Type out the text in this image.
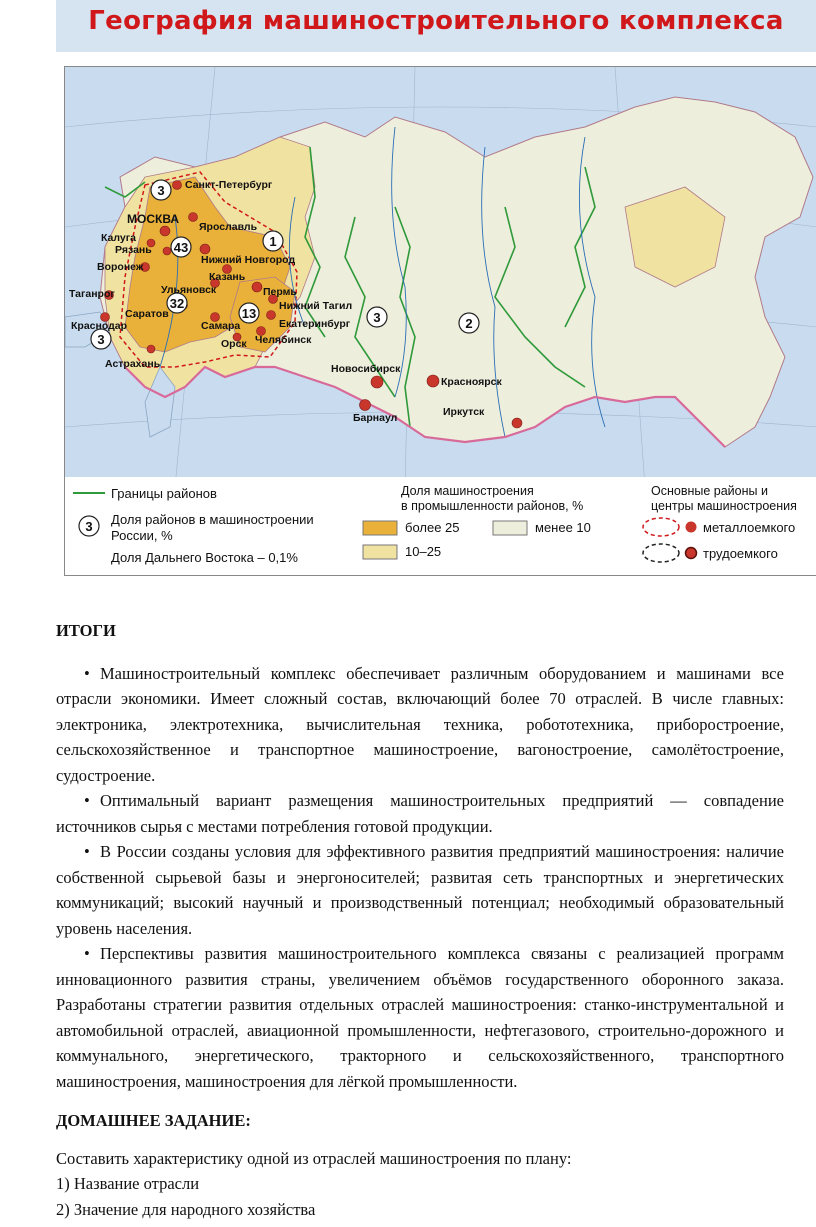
География машиностроительного комплекса
3
43
32
13
1
3
3	2
Санкт-Петербург
МОСКВА
Ярославль
Калуга
Рязань
Воронеж
Нижний Новгород
Казань
Ульяновск
Таганрог
Саратов
Пермь
Нижний Тагил
Екатеринбург
Самара
Краснодар
Орск Челябинск
Астрахань	Новосибирск
Красноярск
Барнаул	Иркутск
Границы районов
3 Доля районов в машиностроении
России, %
Доля Дальнего Востока – 0,1%
Доля машиностроения
в промышленности районов, %
более 25
10–25
менее 10
Основные районы и
центры машиностроения
металлоемкого
трудоемкого

ИТОГИ

• Машиностроительный комплекс обеспечивает различным оборудованием и машинами все отрасли экономики. Имеет сложный состав, включающий более 70 отраслей. В числе главных: электроника, электротехника, вычислительная техника, робототехника, приборостроение, сельскохозяйственное и транспортное машиностроение, вагоностроение, самолётостроение, судостроение.

• Оптимальный вариант размещения машиностроительных предприятий — совпадение источников сырья с местами потребления готовой продукции.

• В России созданы условия для эффективного развития предприятий машиностроения: наличие собственной сырьевой базы и энергоносителей; развитая сеть транспортных и энергетических коммуникаций; высокий научный и производственный потенциал; необходимый образовательный уровень населения.

• Перспективы развития машиностроительного комплекса связаны с реализацией программ инновационного развития страны, увеличением объёмов государственного оборонного заказа. Разработаны стратегии развития отдельных отраслей машиностроения: станко-инструментальной и автомобильной отраслей, авиационной промышленности, нефтегазового, строительно-дорожного и коммунального, энергетического, тракторного и сельскохозяйственного, транспортного машиностроения, машиностроения для лёгкой промышленности.

ДОМАШНЕЕ ЗАДАНИЕ:

Составить характеристику одной из отраслей машиностроения по плану:

1) Название отрасли

2) Значение для народного хозяйства
